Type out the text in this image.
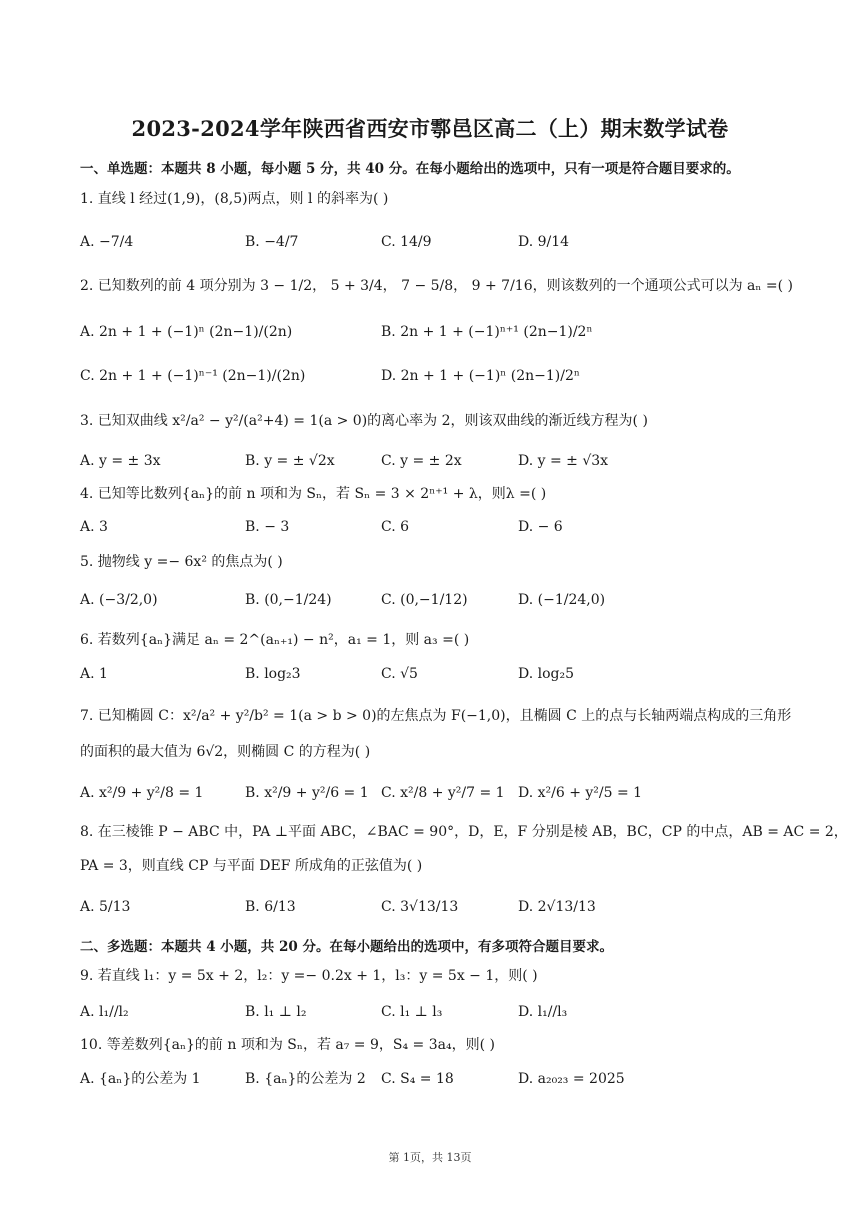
2023-2024学年陕西省西安市鄠邑区高二（上）期末数学试卷
一、单选题：本题共 8 小题，每小题 5 分，共 40 分。在每小题给出的选项中，只有一项是符合题目要求的。
1. 直线 l 经过(1,9)，(8,5)两点，则 l 的斜率为( )
A. −7/4	B. −4/7	C. 14/9	D. 9/14
2. 已知数列的前 4 项分别为 3 − 1/2， 5 + 3/4， 7 − 5/8， 9 + 7/16，则该数列的一个通项公式可以为 aₙ =( )
A. 2n + 1 + (−1)ⁿ (2n−1)/(2n)	B. 2n + 1 + (−1)ⁿ⁺¹ (2n−1)/2ⁿ
C. 2n + 1 + (−1)ⁿ⁻¹ (2n−1)/(2n)	D. 2n + 1 + (−1)ⁿ (2n−1)/2ⁿ
3. 已知双曲线 x²/a² − y²/(a²+4) = 1(a > 0)的离心率为 2，则该双曲线的渐近线方程为( )
A. y = ± 3x	B. y = ± √2x	C. y = ± 2x	D. y = ± √3x
4. 已知等比数列{aₙ}的前 n 项和为 Sₙ，若 Sₙ = 3 × 2ⁿ⁺¹ + λ，则λ =( )
A. 3	B. − 3	C. 6	D. − 6
5. 抛物线 y =− 6x² 的焦点为( )
A. (−3/2,0)	B. (0,−1/24)	C. (0,−1/12)	D. (−1/24,0)
6. 若数列{aₙ}满足 aₙ = 2^(aₙ₊₁) − n²，a₁ = 1，则 a₃ =( )
A. 1	B. log₂3	C. √5	D. log₂5
7. 已知椭圆 C：x²/a² + y²/b² = 1(a > b > 0)的左焦点为 F(−1,0)，且椭圆 C 上的点与长轴两端点构成的三角形
的面积的最大值为 6√2，则椭圆 C 的方程为( )
A. x²/9 + y²/8 = 1	B. x²/9 + y²/6 = 1 C. x²/8 + y²/7 = 1 D. x²/6 + y²/5 = 1
8. 在三棱锥 P − ABC 中，PA ⊥平面 ABC，∠BAC = 90°，D，E，F 分别是棱 AB，BC，CP 的中点，AB = AC = 2，
PA = 3，则直线 CP 与平面 DEF 所成角的正弦值为( )
A. 5/13	B. 6/13	C. 3√13/13	D. 2√13/13
二、多选题：本题共 4 小题，共 20 分。在每小题给出的选项中，有多项符合题目要求。
9. 若直线 l₁：y = 5x + 2，l₂：y =− 0.2x + 1，l₃：y = 5x − 1，则( )
A. l₁//l₂	B. l₁ ⊥ l₂	C. l₁ ⊥ l₃	D. l₁//l₃
10. 等差数列{aₙ}的前 n 项和为 Sₙ，若 a₇ = 9，S₄ = 3a₄，则( )
A. {aₙ}的公差为 1	B. {aₙ}的公差为 2 C. S₄ = 18	D. a₂₀₂₃ = 2025
第 1页，共 13页
